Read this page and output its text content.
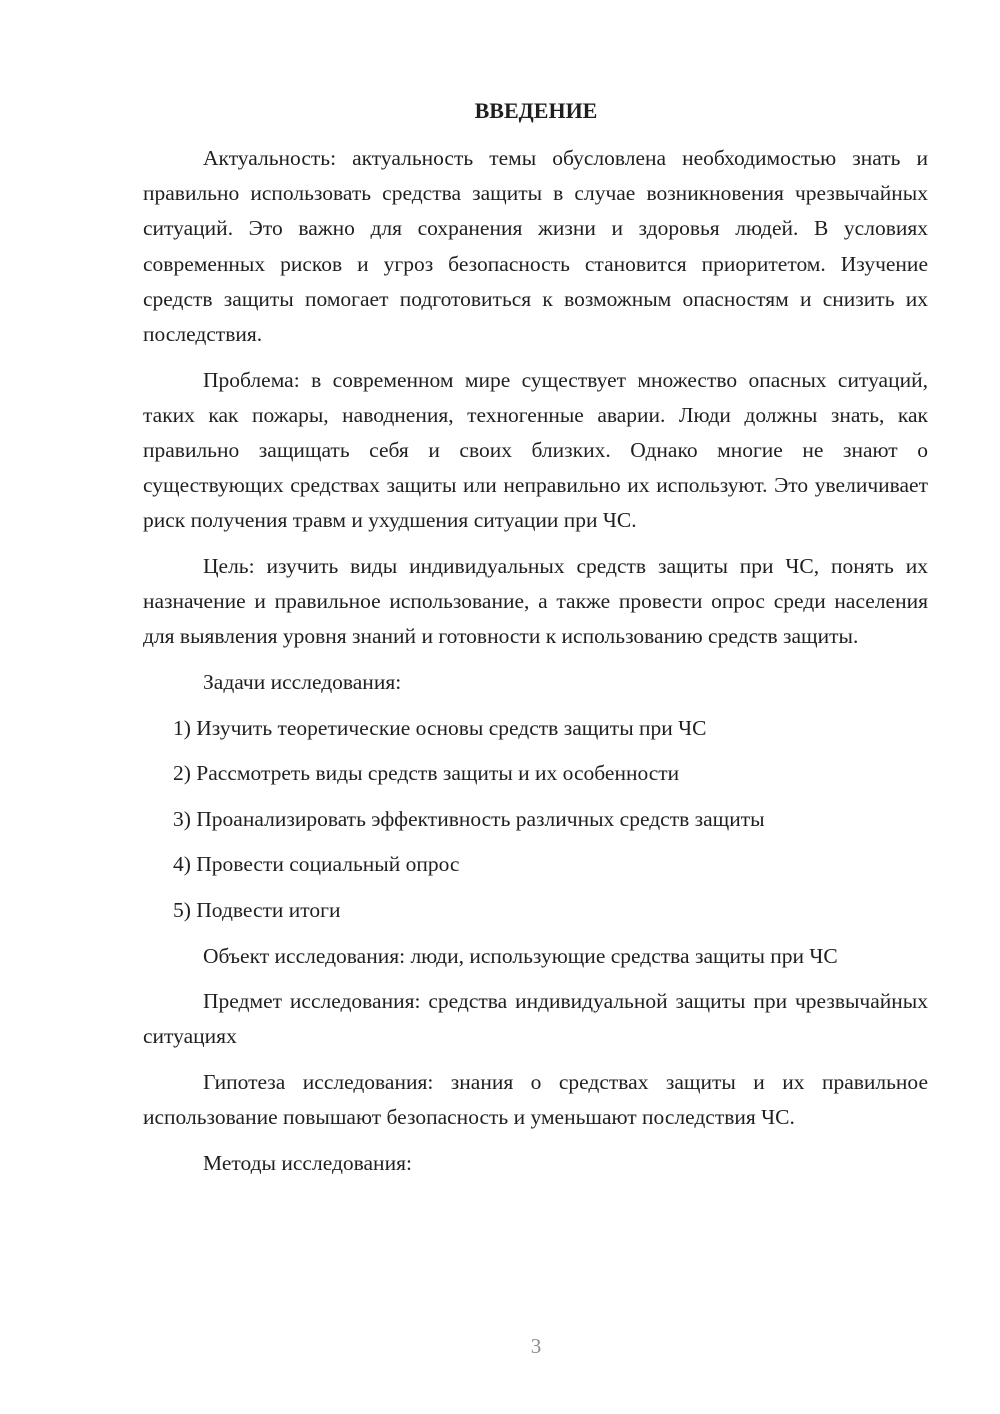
ВВЕДЕНИЕ

Актуальность: актуальность темы обусловлена необходимостью знать и правильно использовать средства защиты в случае возникновения чрезвычайных ситуаций. Это важно для сохранения жизни и здоровья людей. В условиях современных рисков и угроз безопасность становится приоритетом. Изучение средств защиты помогает подготовиться к возможным опасностям и снизить их последствия.

Проблема: в современном мире существует множество опасных ситуаций, таких как пожары, наводнения, техногенные аварии. Люди должны знать, как правильно защищать себя и своих близких. Однако многие не знают о существующих средствах защиты или неправильно их используют. Это увеличивает риск получения травм и ухудшения ситуации при ЧС.

Цель: изучить виды индивидуальных средств защиты при ЧС, понять их назначение и правильное использование, а также провести опрос среди населения для выявления уровня знаний и готовности к использованию средств защиты.

Задачи исследования:

1) Изучить теоретические основы средств защиты при ЧС

2) Рассмотреть виды средств защиты и их особенности

3) Проанализировать эффективность различных средств защиты

4) Провести социальный опрос

5) Подвести итоги

Объект исследования: люди, использующие средства защиты при ЧС

Предмет исследования: средства индивидуальной защиты при чрезвычайных ситуациях

Гипотеза исследования: знания о средствах защиты и их правильное использование повышают безопасность и уменьшают последствия ЧС.

Методы исследования:

3
